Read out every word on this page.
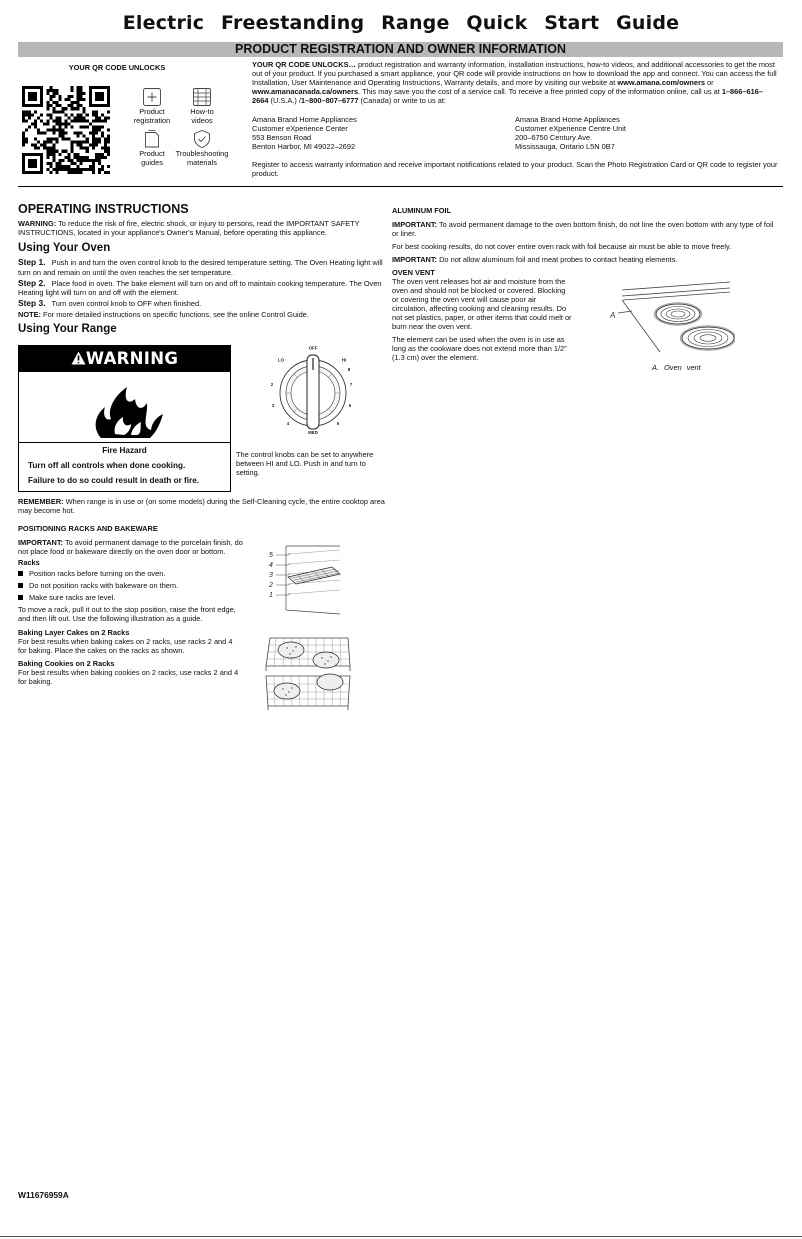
Electric Freestanding Range Quick Start Guide
PRODUCT REGISTRATION AND OWNER INFORMATION
YOUR QR CODE UNLOCKS
Product
registration
How-to
videos
Product
guides
Troubleshooting
materials
YOUR QR CODE UNLOCKS… product registration and warranty information, installation instructions, how-to videos, and additional accessories to get the most out of your product. If you purchased a smart appliance, your QR code will provide instructions on how to download the app and connect. You can access the full Installation, User Maintenance and Operating Instructions, Warranty details, and more by visiting our website at www.amana.com/owners or www.amanacanada.ca/owners. This may save you the cost of a service call. To receive a free printed copy of the information online, call us at 1–866–616–2664 (U.S.A.) /1–800–807–6777 (Canada) or write to us at:
Amana Brand Home Appliances
Customer eXperience Center
553 Benson Road
Benton Harbor, MI 49022–2692
Amana Brand Home Appliances
Customer eXperience Centre Unit
200–6750 Century Ave.
Mississauga, Ontario L5N 0B7
Register to access warranty information and receive important notifications related to your product. Scan the Photo Registration Card or QR code to register your product.
OPERATING INSTRUCTIONS

WARNING: To reduce the risk of fire, electric shock, or injury to persons, read the IMPORTANT SAFETY INSTRUCTIONS, located in your appliance's Owner's Manual, before operating this appliance.

Using Your Oven

Step 1. Push in and turn the oven control knob to the desired temperature setting. The Oven Heating light will turn on and remain on until the oven reaches the set temperature.

Step 2. Place food in oven. The bake element will turn on and off to maintain cooking temperature. The Oven Heating light will turn on and off with the element.

Step 3. Turn oven control knob to OFF when finished.

NOTE: For more detailed instructions on specific functions, see the online Control Guide.

Using Your Range
WARNING
Fire Hazard
Turn off all controls when done cooking.
Failure to do so could result in death or fire.
OFF
LO	HI
MED
2
3
4	5
6
7
8
The control knobs can be set to anywhere between HI and LO. Push in and turn to setting.
REMEMBER: When range is in use or (on some models) during the Self-Cleaning cycle, the entire cooktop area may become hot.
POSITIONING RACKS AND BAKEWARE

IMPORTANT: To avoid permanent damage to the porcelain finish, do not place food or bakeware directly on the oven door or bottom.

Racks
Position racks before turning on the oven.
Do not position racks with bakeware on them.
Make sure racks are level.

To move a rack, pull it out to the stop position, raise the front edge, and then lift out. Use the following illustration as a guide.

Baking Layer Cakes on 2 Racks

For best results when baking cakes on 2 racks, use racks 2 and 4 for baking. Place the cakes on the racks as shown.

Baking Cookies on 2 Racks

For best results when baking cookies on 2 racks, use racks 2 and 4 for baking.

5
4
3
2
1
ALUMINUM FOIL

IMPORTANT: To avoid permanent damage to the oven bottom finish, do not line the oven bottom with any type of foil or liner.

For best cooking results, do not cover entire oven rack with foil because air must be able to move freely.

IMPORTANT: Do not allow aluminum foil and meat probes to contact heating elements.

OVEN VENT

The oven vent releases hot air and moisture from the oven and should not be blocked or covered. Blocking or covering the oven vent will cause poor air circulation, affecting cooking and cleaning results. Do not set plastics, paper, or other items that could melt or burn near the oven vent.

The element can be used when the oven is in use as long as the cookware does not extend more than 1/2" (1.3 cm) over the element.

A
A. Oven vent
W11676959A
